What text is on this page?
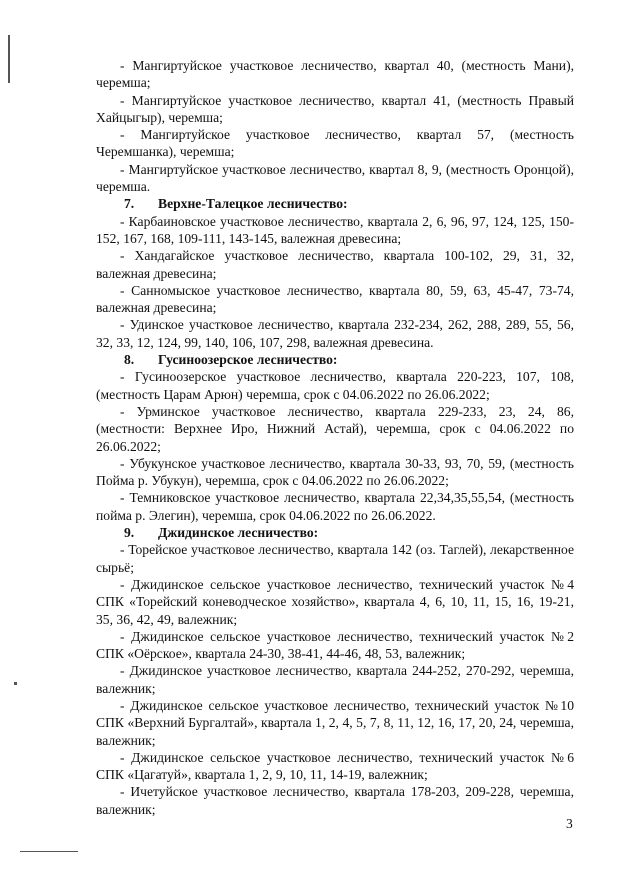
- Мангиртуйское участковое лесничество, квартал 40, (местность Мани), черемша;

- Мангиртуйское участковое лесничество, квартал 41, (местность Правый Хайцыгыр), черемша;

- Мангиртуйское участковое лесничество, квартал 57, (местность Черемшанка), черемша;

- Мангиртуйское участковое лесничество, квартал 8, 9, (местность Оронцой), черемша.

7. Верхне-Талецкое лесничество:

- Карбаиновское участковое лесничество, квартала 2, 6, 96, 97, 124, 125, 150-152, 167, 168, 109-111, 143-145, валежная древесина;

- Хандагайское участковое лесничество, квартала 100-102, 29, 31, 32, валежная древесина;

- Санномыское участковое лесничество, квартала 80, 59, 63, 45-47, 73-74, валежная древесина;

- Удинское участковое лесничество, квартала 232-234, 262, 288, 289, 55, 56, 32, 33, 12, 124, 99, 140, 106, 107, 298, валежная древесина.

8. Гусиноозерское лесничество:

- Гусиноозерское участковое лесничество, квартала 220-223, 107, 108, (местность Царам Арюн) черемша, срок с 04.06.2022 по 26.06.2022;

- Урминское участковое лесничество, квартала 229-233, 23, 24, 86, (местности: Верхнее Иро, Нижний Астай), черемша, срок с 04.06.2022 по 26.06.2022;

- Убукунское участковое лесничество, квартала 30-33, 93, 70, 59, (местность Пойма р. Убукун), черемша, срок с 04.06.2022 по 26.06.2022;

- Темниковское участковое лесничество, квартала 22,34,35,55,54, (местность пойма р. Элегин), черемша, срок 04.06.2022 по 26.06.2022.

9. Джидинское лесничество:

- Торейское участковое лесничество, квартала 142 (оз. Таглей), лекарственное сырьё;

- Джидинское сельское участковое лесничество, технический участок №4 СПК «Торейский коневодческое хозяйство», квартала 4, 6, 10, 11, 15, 16, 19-21, 35, 36, 42, 49, валежник;

- Джидинское сельское участковое лесничество, технический участок №2 СПК «Оёрское», квартала 24-30, 38-41, 44-46, 48, 53, валежник;

- Джидинское участковое лесничество, квартала 244-252, 270-292, черемша, валежник;

- Джидинское сельское участковое лесничество, технический участок №10 СПК «Верхний Бургалтай», квартала 1, 2, 4, 5, 7, 8, 11, 12, 16, 17, 20, 24, черемша, валежник;

- Джидинское сельское участковое лесничество, технический участок №6 СПК «Цагатуй», квартала 1, 2, 9, 10, 11, 14-19, валежник;

- Ичетуйское участковое лесничество, квартала 178-203, 209-228, черемша, валежник;

3
